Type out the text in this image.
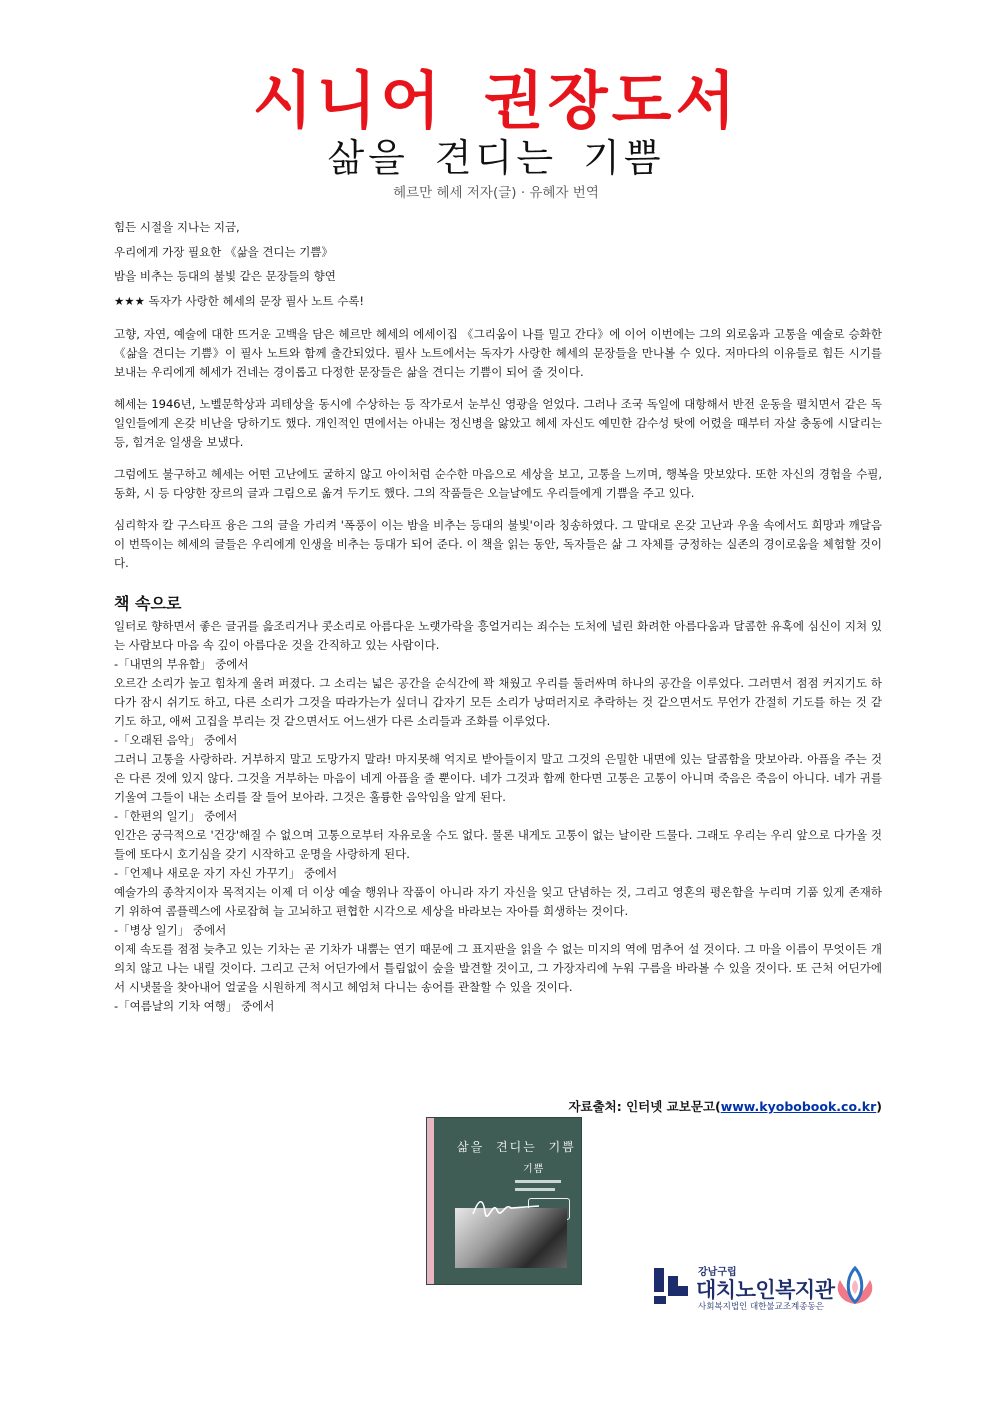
시니어 권장도서
삶을 견디는 기쁨
헤르만 헤세 저자(글) · 유혜자 번역

힘든 시절을 지나는 지금,

우리에게 가장 필요한 《삶을 견디는 기쁨》

밤을 비추는 등대의 불빛 같은 문장들의 향연

★★★ 독자가 사랑한 헤세의 문장 필사 노트 수록!

고향, 자연, 예술에 대한 뜨거운 고백을 담은 헤르만 헤세의 에세이집 《그리움이 나를 밀고 간다》에 이어 이번에는 그의 외로움과 고통을 예술로 승화한 《삶을 견디는 기쁨》이 필사 노트와 함께 출간되었다. 필사 노트에서는 독자가 사랑한 헤세의 문장들을 만나볼 수 있다. 저마다의 이유들로 힘든 시기를 보내는 우리에게 헤세가 건네는 경이롭고 다정한 문장들은 삶을 견디는 기쁨이 되어 줄 것이다.

헤세는 1946년, 노벨문학상과 괴테상을 동시에 수상하는 등 작가로서 눈부신 영광을 얻었다. 그러나 조국 독일에 대항해서 반전 운동을 펼치면서 같은 독일인들에게 온갖 비난을 당하기도 했다. 개인적인 면에서는 아내는 정신병을 앓았고 헤세 자신도 예민한 감수성 탓에 어렸을 때부터 자살 충동에 시달리는 등, 힘겨운 일생을 보냈다.

그럼에도 불구하고 헤세는 어떤 고난에도 굴하지 않고 아이처럼 순수한 마음으로 세상을 보고, 고통을 느끼며, 행복을 맛보았다. 또한 자신의 경험을 수필, 동화, 시 등 다양한 장르의 글과 그림으로 옮겨 두기도 했다. 그의 작품들은 오늘날에도 우리들에게 기쁨을 주고 있다.

심리학자 칼 구스타프 융은 그의 글을 가리켜 '폭풍이 이는 밤을 비추는 등대의 불빛'이라 칭송하였다. 그 말대로 온갖 고난과 우울 속에서도 희망과 깨달음이 번뜩이는 헤세의 글들은 우리에게 인생을 비추는 등대가 되어 준다. 이 책을 읽는 동안, 독자들은 삶 그 자체를 긍정하는 실존의 경이로움을 체험할 것이다.

책 속으로

일터로 향하면서 좋은 글귀를 읊조리거나 콧소리로 아름다운 노랫가락을 흥얼거리는 죄수는 도처에 널린 화려한 아름다움과 달콤한 유혹에 심신이 지쳐 있는 사람보다 마음 속 깊이 아름다운 것을 간직하고 있는 사람이다.
-「내면의 부유함」 중에서

오르간 소리가 높고 힘차게 울려 퍼졌다. 그 소리는 넓은 공간을 순식간에 꽉 채웠고 우리를 둘러싸며 하나의 공간을 이루었다. 그러면서 점점 커지기도 하다가 잠시 쉬기도 하고, 다른 소리가 그것을 따라가는가 싶더니 갑자기 모든 소리가 낭떠러지로 추락하는 것 같으면서도 무언가 간절히 기도를 하는 것 같기도 하고, 애써 고집을 부리는 것 같으면서도 어느샌가 다른 소리들과 조화를 이루었다.
-「오래된 음악」 중에서

그러니 고통을 사랑하라. 거부하지 말고 도망가지 말라! 마지못해 억지로 받아들이지 말고 그것의 은밀한 내면에 있는 달콤함을 맛보아라. 아픔을 주는 것은 다른 것에 있지 않다. 그것을 거부하는 마음이 네게 아픔을 줄 뿐이다. 네가 그것과 함께 한다면 고통은 고통이 아니며 죽음은 죽음이 아니다. 네가 귀를 기울여 그들이 내는 소리를 잘 들어 보아라. 그것은 훌륭한 음악임을 알게 된다.
-「한편의 일기」 중에서

인간은 궁극적으로 '건강'해질 수 없으며 고통으로부터 자유로울 수도 없다. 물론 내게도 고통이 없는 날이란 드물다. 그래도 우리는 우리 앞으로 다가올 것들에 또다시 호기심을 갖기 시작하고 운명을 사랑하게 된다.
-「언제나 새로운 자기 자신 가꾸기」 중에서

예술가의 종착지이자 목적지는 이제 더 이상 예술 행위나 작품이 아니라 자기 자신을 잊고 단념하는 것, 그리고 영혼의 평온함을 누리며 기품 있게 존재하기 위하여 콤플렉스에 사로잡혀 늘 고뇌하고 편협한 시각으로 세상을 바라보는 자아를 희생하는 것이다.
-「병상 일기」 중에서

이제 속도를 점점 늦추고 있는 기차는 곧 기차가 내뿜는 연기 때문에 그 표지판을 읽을 수 없는 미지의 역에 멈추어 설 것이다. 그 마을 이름이 무엇이든 개의치 않고 나는 내릴 것이다. 그리고 근처 어딘가에서 틀림없이 숲을 발견할 것이고, 그 가장자리에 누워 구름을 바라볼 수 있을 것이다. 또 근처 어딘가에서 시냇물을 찾아내어 얼굴을 시원하게 적시고 헤엄쳐 다니는 송어를 관찰할 수 있을 것이다.
-「여름날의 기차 여행」 중에서

자료출처: 인터넷 교보문고(www.kyobobook.co.kr)
삶을 견디는 기쁨
기쁨
강남구립
대치노인복지관
사회복지법인 대한불교조계종동은
